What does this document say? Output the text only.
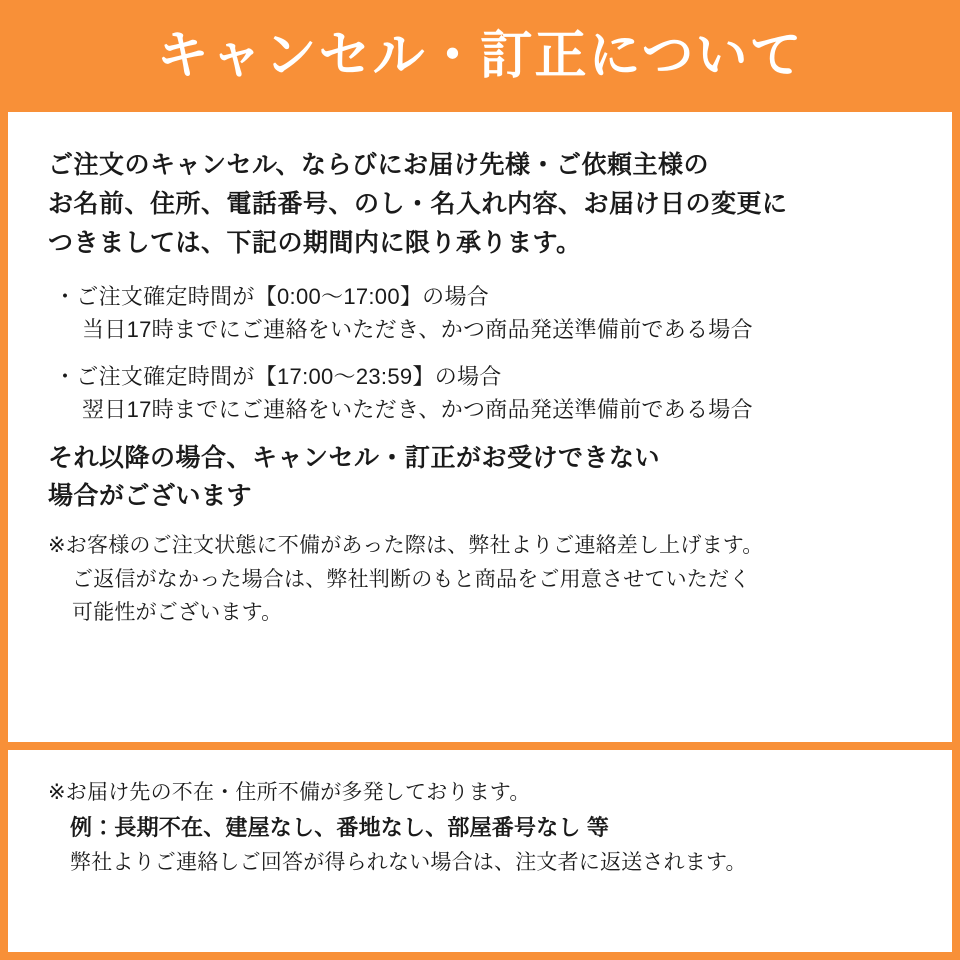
キャンセル・訂正について
ご注文のキャンセル、ならびにお届け先様・ご依頼主様の
お名前、住所、電話番号、のし・名入れ内容、お届け日の変更に
つきましては、下記の期間内に限り承ります。
・ご注文確定時間が【0:00〜17:00】の場合
当日17時までにご連絡をいただき、かつ商品発送準備前である場合
・ご注文確定時間が【17:00〜23:59】の場合
翌日17時までにご連絡をいただき、かつ商品発送準備前である場合
それ以降の場合、キャンセル・訂正がお受けできない
場合がございます
※お客様のご注文状態に不備があった際は、弊社よりご連絡差し上げます。
ご返信がなかった場合は、弊社判断のもと商品をご用意させていただく
可能性がございます。
※お届け先の不在・住所不備が多発しております。
例：長期不在、建屋なし、番地なし、部屋番号なし 等
弊社よりご連絡しご回答が得られない場合は、注文者に返送されます。
